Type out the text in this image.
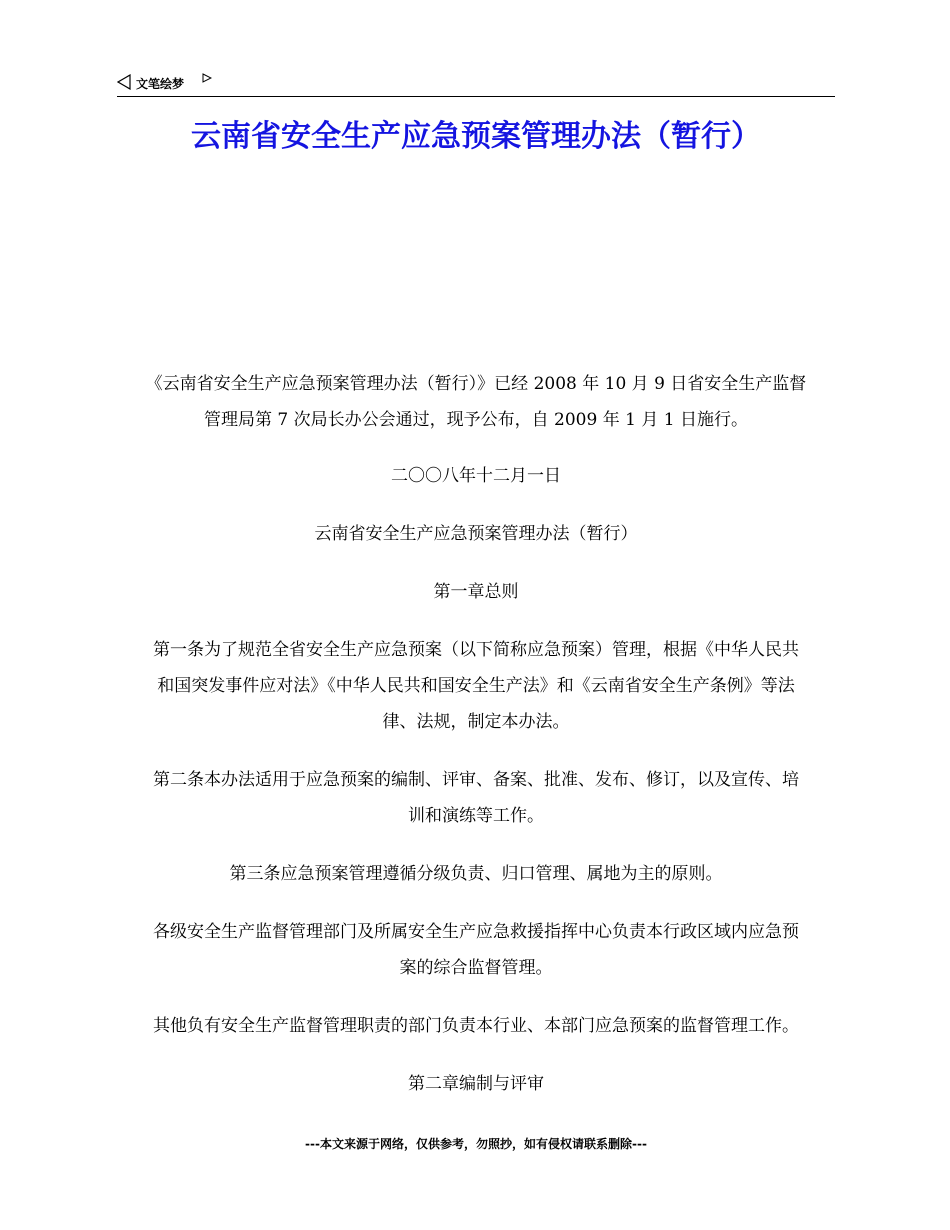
文笔绘梦
云南省安全生产应急预案管理办法（暂行）

《云南省安全生产应急预案管理办法（暂行）》已经 2008 年 10 月 9 日省安全生产监督
管理局第 7 次局长办公会通过，现予公布，自 2009 年 1 月 1 日施行。

二〇〇八年十二月一日

云南省安全生产应急预案管理办法（暂行）

第一章总则

第一条为了规范全省安全生产应急预案（以下简称应急预案）管理，根据《中华人民共
和国突发事件应对法》《中华人民共和国安全生产法》和《云南省安全生产条例》等法
律、法规，制定本办法。

第二条本办法适用于应急预案的编制、评审、备案、批准、发布、修订，以及宣传、培
训和演练等工作。

第三条应急预案管理遵循分级负责、归口管理、属地为主的原则。

各级安全生产监督管理部门及所属安全生产应急救援指挥中心负责本行政区域内应急预
案的综合监督管理。

其他负有安全生产监督管理职责的部门负责本行业、本部门应急预案的监督管理工作。

第二章编制与评审

---本文来源于网络，仅供参考，勿照抄，如有侵权请联系删除---
